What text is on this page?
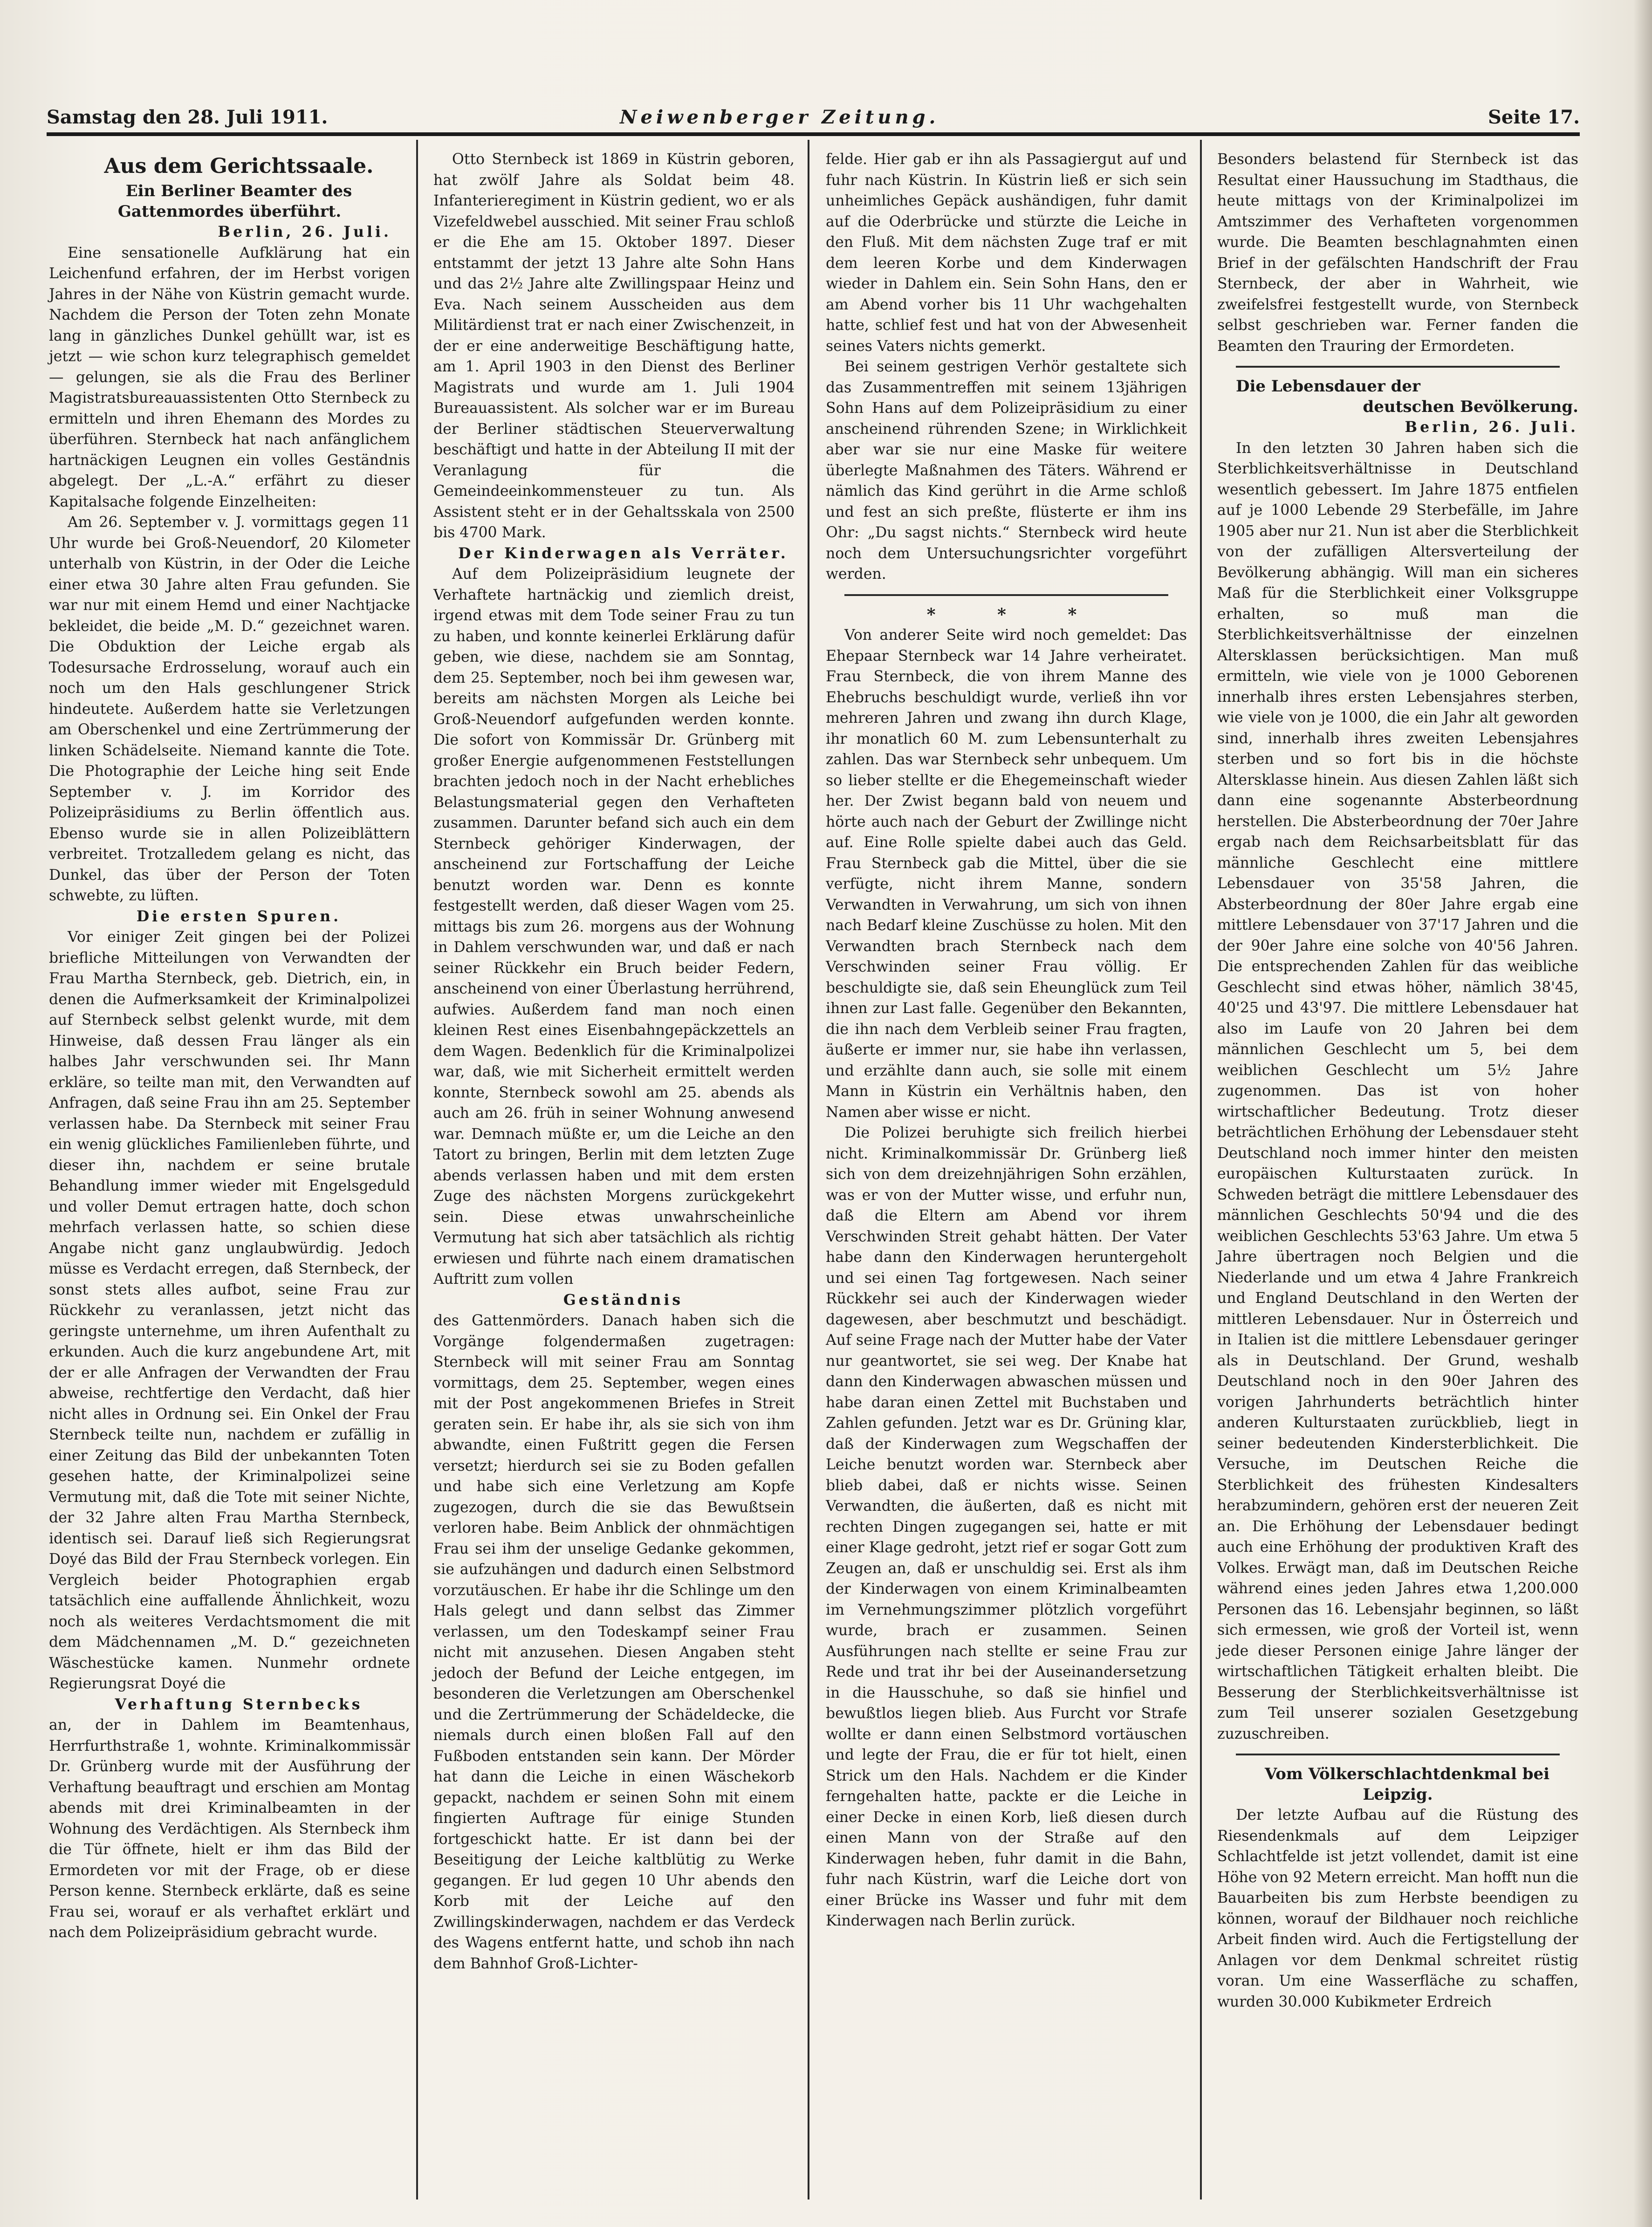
Samstag den 28. Juli 1911.	Neiwenberger Zeitung.	Seite 17.

Aus dem Gerichtssaale.

Ein Berliner Beamter des Gattenmordes überführt.

Berlin, 26. Juli.

Eine sensationelle Aufklärung hat ein Leichenfund erfahren, der im Herbst vorigen Jahres in der Nähe von Küstrin gemacht wurde. Nachdem die Person der Toten zehn Monate lang in gänzliches Dunkel gehüllt war, ist es jetzt — wie schon kurz telegraphisch gemeldet — gelungen, sie als die Frau des Berliner Magistratsbureauassistenten Otto Sternbeck zu ermitteln und ihren Ehemann des Mordes zu überführen. Sternbeck hat nach anfänglichem hartnäckigen Leugnen ein volles Geständnis abgelegt. Der „L.-A.“ erfährt zu dieser Kapitalsache folgende Einzelheiten:

Am 26. September v. J. vormittags gegen 11 Uhr wurde bei Groß-Neuendorf, 20 Kilometer unterhalb von Küstrin, in der Oder die Leiche einer etwa 30 Jahre alten Frau gefunden. Sie war nur mit einem Hemd und einer Nachtjacke bekleidet, die beide „M. D.“ gezeichnet waren. Die Obduktion der Leiche ergab als Todesursache Erdrosselung, worauf auch ein noch um den Hals geschlungener Strick hindeutete. Außerdem hatte sie Verletzungen am Oberschenkel und eine Zertrümmerung der linken Schädelseite. Niemand kannte die Tote. Die Photographie der Leiche hing seit Ende September v. J. im Korridor des Polizeipräsidiums zu Berlin öffentlich aus. Ebenso wurde sie in allen Polizeiblättern verbreitet. Trotzalledem gelang es nicht, das Dunkel, das über der Person der Toten schwebte, zu lüften.

Die ersten Spuren.

Vor einiger Zeit gingen bei der Polizei briefliche Mitteilungen von Verwandten der Frau Martha Sternbeck, geb. Dietrich, ein, in denen die Aufmerksamkeit der Kriminalpolizei auf Sternbeck selbst gelenkt wurde, mit dem Hinweise, daß dessen Frau länger als ein halbes Jahr verschwunden sei. Ihr Mann erkläre, so teilte man mit, den Verwandten auf Anfragen, daß seine Frau ihn am 25. September verlassen habe. Da Sternbeck mit seiner Frau ein wenig glückliches Familienleben führte, und dieser ihn, nachdem er seine brutale Behandlung immer wieder mit Engelsgeduld und voller Demut ertragen hatte, doch schon mehrfach verlassen hatte, so schien diese Angabe nicht ganz unglaubwürdig. Jedoch müsse es Verdacht erregen, daß Sternbeck, der sonst stets alles aufbot, seine Frau zur Rückkehr zu veranlassen, jetzt nicht das geringste unternehme, um ihren Aufenthalt zu erkunden. Auch die kurz angebundene Art, mit der er alle Anfragen der Verwandten der Frau abweise, rechtfertige den Verdacht, daß hier nicht alles in Ordnung sei. Ein Onkel der Frau Sternbeck teilte nun, nachdem er zufällig in einer Zeitung das Bild der unbekannten Toten gesehen hatte, der Kriminalpolizei seine Vermutung mit, daß die Tote mit seiner Nichte, der 32 Jahre alten Frau Martha Sternbeck, identisch sei. Darauf ließ sich Regierungsrat Doyé das Bild der Frau Sternbeck vorlegen. Ein Vergleich beider Photographien ergab tatsächlich eine auffallende Ähnlichkeit, wozu noch als weiteres Verdachtsmoment die mit dem Mädchennamen „M. D.“ gezeichneten Wäschestücke kamen. Nunmehr ordnete Regierungsrat Doyé die

Verhaftung Sternbecks

an, der in Dahlem im Beamtenhaus, Herrfurthstraße 1, wohnte. Kriminalkommissär Dr. Grünberg wurde mit der Ausführung der Verhaftung beauftragt und erschien am Montag abends mit drei Kriminalbeamten in der Wohnung des Verdächtigen. Als Sternbeck ihm die Tür öffnete, hielt er ihm das Bild der Ermordeten vor mit der Frage, ob er diese Person kenne. Sternbeck erklärte, daß es seine Frau sei, worauf er als verhaftet erklärt und nach dem Polizeipräsidium gebracht wurde.

Otto Sternbeck ist 1869 in Küstrin geboren, hat zwölf Jahre als Soldat beim 48. Infanterieregiment in Küstrin gedient, wo er als Vizefeldwebel ausschied. Mit seiner Frau schloß er die Ehe am 15. Oktober 1897. Dieser entstammt der jetzt 13 Jahre alte Sohn Hans und das 2½ Jahre alte Zwillingspaar Heinz und Eva. Nach seinem Ausscheiden aus dem Militärdienst trat er nach einer Zwischenzeit, in der er eine anderweitige Beschäftigung hatte, am 1. April 1903 in den Dienst des Berliner Magistrats und wurde am 1. Juli 1904 Bureauassistent. Als solcher war er im Bureau der Berliner städtischen Steuerverwaltung beschäftigt und hatte in der Abteilung II mit der Veranlagung für die Gemeindeeinkommensteuer zu tun. Als Assistent steht er in der Gehaltsskala von 2500 bis 4700 Mark.

Der Kinderwagen als Verräter.

Auf dem Polizeipräsidium leugnete der Verhaftete hartnäckig und ziemlich dreist, irgend etwas mit dem Tode seiner Frau zu tun zu haben, und konnte keinerlei Erklärung dafür geben, wie diese, nachdem sie am Sonntag, dem 25. September, noch bei ihm gewesen war, bereits am nächsten Morgen als Leiche bei Groß-Neuendorf aufgefunden werden konnte. Die sofort von Kommissär Dr. Grünberg mit großer Energie aufgenommenen Feststellungen brachten jedoch noch in der Nacht erhebliches Belastungsmaterial gegen den Verhafteten zusammen. Darunter befand sich auch ein dem Sternbeck gehöriger Kinderwagen, der anscheinend zur Fortschaffung der Leiche benutzt worden war. Denn es konnte festgestellt werden, daß dieser Wagen vom 25. mittags bis zum 26. morgens aus der Wohnung in Dahlem verschwunden war, und daß er nach seiner Rückkehr ein Bruch beider Federn, anscheinend von einer Überlastung herrührend, aufwies. Außerdem fand man noch einen kleinen Rest eines Eisenbahngepäckzettels an dem Wagen. Bedenklich für die Kriminalpolizei war, daß, wie mit Sicherheit ermittelt werden konnte, Sternbeck sowohl am 25. abends als auch am 26. früh in seiner Wohnung anwesend war. Demnach müßte er, um die Leiche an den Tatort zu bringen, Berlin mit dem letzten Zuge abends verlassen haben und mit dem ersten Zuge des nächsten Morgens zurückgekehrt sein. Diese etwas unwahrscheinliche Vermutung hat sich aber tatsächlich als richtig erwiesen und führte nach einem dramatischen Auftritt zum vollen

Geständnis

des Gattenmörders. Danach haben sich die Vorgänge folgendermaßen zugetragen: Sternbeck will mit seiner Frau am Sonntag vormittags, dem 25. September, wegen eines mit der Post angekommenen Briefes in Streit geraten sein. Er habe ihr, als sie sich von ihm abwandte, einen Fußtritt gegen die Fersen versetzt; hierdurch sei sie zu Boden gefallen und habe sich eine Verletzung am Kopfe zugezogen, durch die sie das Bewußtsein verloren habe. Beim Anblick der ohnmächtigen Frau sei ihm der unselige Gedanke gekommen, sie aufzuhängen und dadurch einen Selbstmord vorzutäuschen. Er habe ihr die Schlinge um den Hals gelegt und dann selbst das Zimmer verlassen, um den Todeskampf seiner Frau nicht mit anzusehen. Diesen Angaben steht jedoch der Befund der Leiche entgegen, im besonderen die Verletzungen am Oberschenkel und die Zertrümmerung der Schädeldecke, die niemals durch einen bloßen Fall auf den Fußboden entstanden sein kann. Der Mörder hat dann die Leiche in einen Wäschekorb gepackt, nachdem er seinen Sohn mit einem fingierten Auftrage für einige Stunden fortgeschickt hatte. Er ist dann bei der Beseitigung der Leiche kaltblütig zu Werke gegangen. Er lud gegen 10 Uhr abends den Korb mit der Leiche auf den Zwillingskinderwagen, nachdem er das Verdeck des Wagens entfernt hatte, und schob ihn nach dem Bahnhof Groß-Lichter-

felde. Hier gab er ihn als Passagiergut auf und fuhr nach Küstrin. In Küstrin ließ er sich sein unheimliches Gepäck aushändigen, fuhr damit auf die Oderbrücke und stürzte die Leiche in den Fluß. Mit dem nächsten Zuge traf er mit dem leeren Korbe und dem Kinderwagen wieder in Dahlem ein. Sein Sohn Hans, den er am Abend vorher bis 11 Uhr wachgehalten hatte, schlief fest und hat von der Abwesenheit seines Vaters nichts gemerkt.

Bei seinem gestrigen Verhör gestaltete sich das Zusammentreffen mit seinem 13jährigen Sohn Hans auf dem Polizeipräsidium zu einer anscheinend rührenden Szene; in Wirklichkeit aber war sie nur eine Maske für weitere überlegte Maßnahmen des Täters. Während er nämlich das Kind gerührt in die Arme schloß und fest an sich preßte, flüsterte er ihm ins Ohr: „Du sagst nichts.“ Sternbeck wird heute noch dem Untersuchungsrichter vorgeführt werden.

* * *

Von anderer Seite wird noch gemeldet: Das Ehepaar Sternbeck war 14 Jahre verheiratet. Frau Sternbeck, die von ihrem Manne des Ehebruchs beschuldigt wurde, verließ ihn vor mehreren Jahren und zwang ihn durch Klage, ihr monatlich 60 M. zum Lebensunterhalt zu zahlen. Das war Sternbeck sehr unbequem. Um so lieber stellte er die Ehegemeinschaft wieder her. Der Zwist begann bald von neuem und hörte auch nach der Geburt der Zwillinge nicht auf. Eine Rolle spielte dabei auch das Geld. Frau Sternbeck gab die Mittel, über die sie verfügte, nicht ihrem Manne, sondern Verwandten in Verwahrung, um sich von ihnen nach Bedarf kleine Zuschüsse zu holen. Mit den Verwandten brach Sternbeck nach dem Verschwinden seiner Frau völlig. Er beschuldigte sie, daß sein Eheunglück zum Teil ihnen zur Last falle. Gegenüber den Bekannten, die ihn nach dem Verbleib seiner Frau fragten, äußerte er immer nur, sie habe ihn verlassen, und erzählte dann auch, sie solle mit einem Mann in Küstrin ein Verhältnis haben, den Namen aber wisse er nicht.

Die Polizei beruhigte sich freilich hierbei nicht. Kriminalkommissär Dr. Grünberg ließ sich von dem dreizehnjährigen Sohn erzählen, was er von der Mutter wisse, und erfuhr nun, daß die Eltern am Abend vor ihrem Verschwinden Streit gehabt hätten. Der Vater habe dann den Kinderwagen heruntergeholt und sei einen Tag fortgewesen. Nach seiner Rückkehr sei auch der Kinderwagen wieder dagewesen, aber beschmutzt und beschädigt. Auf seine Frage nach der Mutter habe der Vater nur geantwortet, sie sei weg. Der Knabe hat dann den Kinderwagen abwaschen müssen und habe daran einen Zettel mit Buchstaben und Zahlen gefunden. Jetzt war es Dr. Grüning klar, daß der Kinderwagen zum Wegschaffen der Leiche benutzt worden war. Sternbeck aber blieb dabei, daß er nichts wisse. Seinen Verwandten, die äußerten, daß es nicht mit rechten Dingen zugegangen sei, hatte er mit einer Klage gedroht, jetzt rief er sogar Gott zum Zeugen an, daß er unschuldig sei. Erst als ihm der Kinderwagen von einem Kriminalbeamten im Vernehmungszimmer plötzlich vorgeführt wurde, brach er zusammen. Seinen Ausführungen nach stellte er seine Frau zur Rede und trat ihr bei der Auseinandersetzung in die Hausschuhe, so daß sie hinfiel und bewußtlos liegen blieb. Aus Furcht vor Strafe wollte er dann einen Selbstmord vortäuschen und legte der Frau, die er für tot hielt, einen Strick um den Hals. Nachdem er die Kinder ferngehalten hatte, packte er die Leiche in einer Decke in einen Korb, ließ diesen durch einen Mann von der Straße auf den Kinderwagen heben, fuhr damit in die Bahn, fuhr nach Küstrin, warf die Leiche dort von einer Brücke ins Wasser und fuhr mit dem Kinderwagen nach Berlin zurück.

Besonders belastend für Sternbeck ist das Resultat einer Haussuchung im Stadthaus, die heute mittags von der Kriminalpolizei im Amtszimmer des Verhafteten vorgenommen wurde. Die Beamten beschlagnahmten einen Brief in der gefälschten Handschrift der Frau Sternbeck, der aber in Wahrheit, wie zweifelsfrei festgestellt wurde, von Sternbeck selbst geschrieben war. Ferner fanden die Beamten den Trauring der Ermordeten.

Die Lebensdauer der

deutschen Bevölkerung.

Berlin, 26. Juli.

In den letzten 30 Jahren haben sich die Sterblichkeitsverhältnisse in Deutschland wesentlich gebessert. Im Jahre 1875 entfielen auf je 1000 Lebende 29 Sterbefälle, im Jahre 1905 aber nur 21. Nun ist aber die Sterblichkeit von der zufälligen Altersverteilung der Bevölkerung abhängig. Will man ein sicheres Maß für die Sterblichkeit einer Volksgruppe erhalten, so muß man die Sterblichkeitsverhältnisse der einzelnen Altersklassen berücksichtigen. Man muß ermitteln, wie viele von je 1000 Geborenen innerhalb ihres ersten Lebensjahres sterben, wie viele von je 1000, die ein Jahr alt geworden sind, innerhalb ihres zweiten Lebensjahres sterben und so fort bis in die höchste Altersklasse hinein. Aus diesen Zahlen läßt sich dann eine sogenannte Absterbeordnung herstellen. Die Absterbeordnung der 70er Jahre ergab nach dem Reichsarbeitsblatt für das männliche Geschlecht eine mittlere Lebensdauer von 35'58 Jahren, die Absterbeordnung der 80er Jahre ergab eine mittlere Lebensdauer von 37'17 Jahren und die der 90er Jahre eine solche von 40'56 Jahren. Die entsprechenden Zahlen für das weibliche Geschlecht sind etwas höher, nämlich 38'45, 40'25 und 43'97. Die mittlere Lebensdauer hat also im Laufe von 20 Jahren bei dem männlichen Geschlecht um 5, bei dem weiblichen Geschlecht um 5½ Jahre zugenommen. Das ist von hoher wirtschaftlicher Bedeutung. Trotz dieser beträchtlichen Erhöhung der Lebensdauer steht Deutschland noch immer hinter den meisten europäischen Kulturstaaten zurück. In Schweden beträgt die mittlere Lebensdauer des männlichen Geschlechts 50'94 und die des weiblichen Geschlechts 53'63 Jahre. Um etwa 5 Jahre übertragen noch Belgien und die Niederlande und um etwa 4 Jahre Frankreich und England Deutschland in den Werten der mittleren Lebensdauer. Nur in Österreich und in Italien ist die mittlere Lebensdauer geringer als in Deutschland. Der Grund, weshalb Deutschland noch in den 90er Jahren des vorigen Jahrhunderts beträchtlich hinter anderen Kulturstaaten zurückblieb, liegt in seiner bedeutenden Kindersterblichkeit. Die Versuche, im Deutschen Reiche die Sterblichkeit des frühesten Kindesalters herabzumindern, gehören erst der neueren Zeit an. Die Erhöhung der Lebensdauer bedingt auch eine Erhöhung der produktiven Kraft des Volkes. Erwägt man, daß im Deutschen Reiche während eines jeden Jahres etwa 1,200.000 Personen das 16. Lebensjahr beginnen, so läßt sich ermessen, wie groß der Vorteil ist, wenn jede dieser Personen einige Jahre länger der wirtschaftlichen Tätigkeit erhalten bleibt. Die Besserung der Sterblichkeitsverhältnisse ist zum Teil unserer sozialen Gesetzgebung zuzuschreiben.

Vom Völkerschlachtdenkmal bei Leipzig.

Der letzte Aufbau auf die Rüstung des Riesendenkmals auf dem Leipziger Schlachtfelde ist jetzt vollendet, damit ist eine Höhe von 92 Metern erreicht. Man hofft nun die Bauarbeiten bis zum Herbste beendigen zu können, worauf der Bildhauer noch reichliche Arbeit finden wird. Auch die Fertigstellung der Anlagen vor dem Denkmal schreitet rüstig voran. Um eine Wasserfläche zu schaffen, wurden 30.000 Kubikmeter Erdreich
